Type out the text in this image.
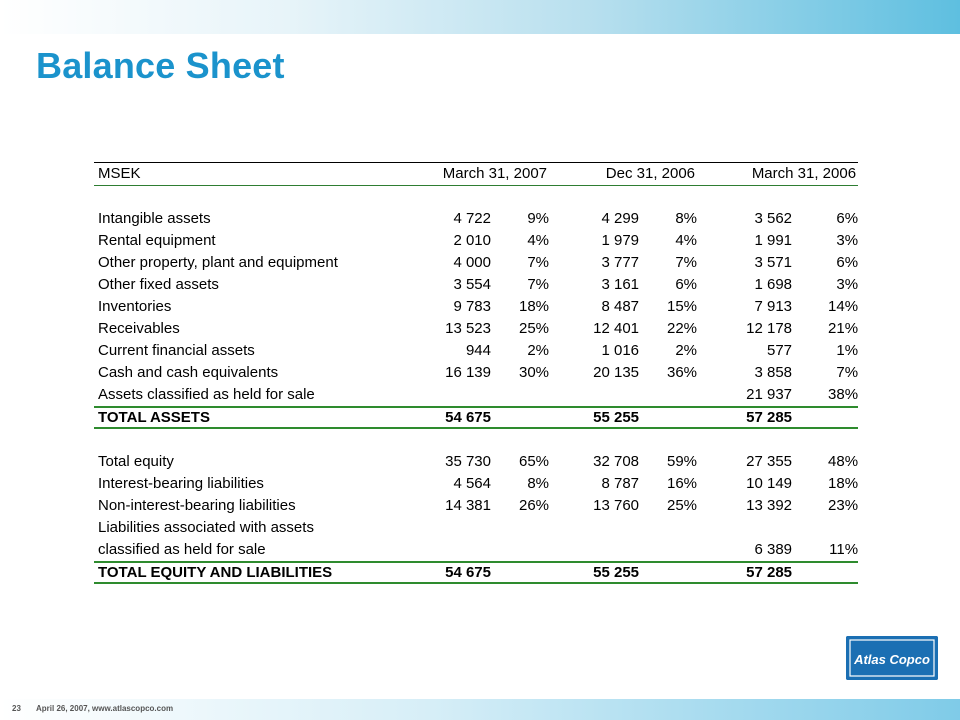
Balance Sheet
MSEK	March 31, 2007		Dec 31, 2006		March 31, 2006	

Intangible assets	4 722	9%	4 299	8%	3 562	6%
Rental equipment	2 010	4%	1 979	4%	1 991	3%
Other property, plant and equipment	4 000	7%	3 777	7%	3 571	6%
Other fixed assets	3 554	7%	3 161	6%	1 698	3%
Inventories	9 783	18%	8 487	15%	7 913	14%
Receivables	13 523	25%	12 401	22%	12 178	21%
Current financial assets	944	2%	1 016	2%	577	1%
Cash and cash equivalents	16 139	30%	20 135	36%	3 858	7%
Assets classified as held for sale					21 937	38%
TOTAL ASSETS	54 675		55 255		57 285	

Total equity	35 730	65%	32 708	59%	27 355	48%
Interest-bearing liabilities	4 564	8%	8 787	16%	10 149	18%
Non-interest-bearing liabilities	14 381	26%	13 760	25%	13 392	23%
Liabilities associated with assets						
classified as held for sale					6 389	11%
TOTAL EQUITY AND LIABILITIES	54 675		55 255		57 285	
Atlas Copco
23 April 26, 2007, www.atlascopco.com
